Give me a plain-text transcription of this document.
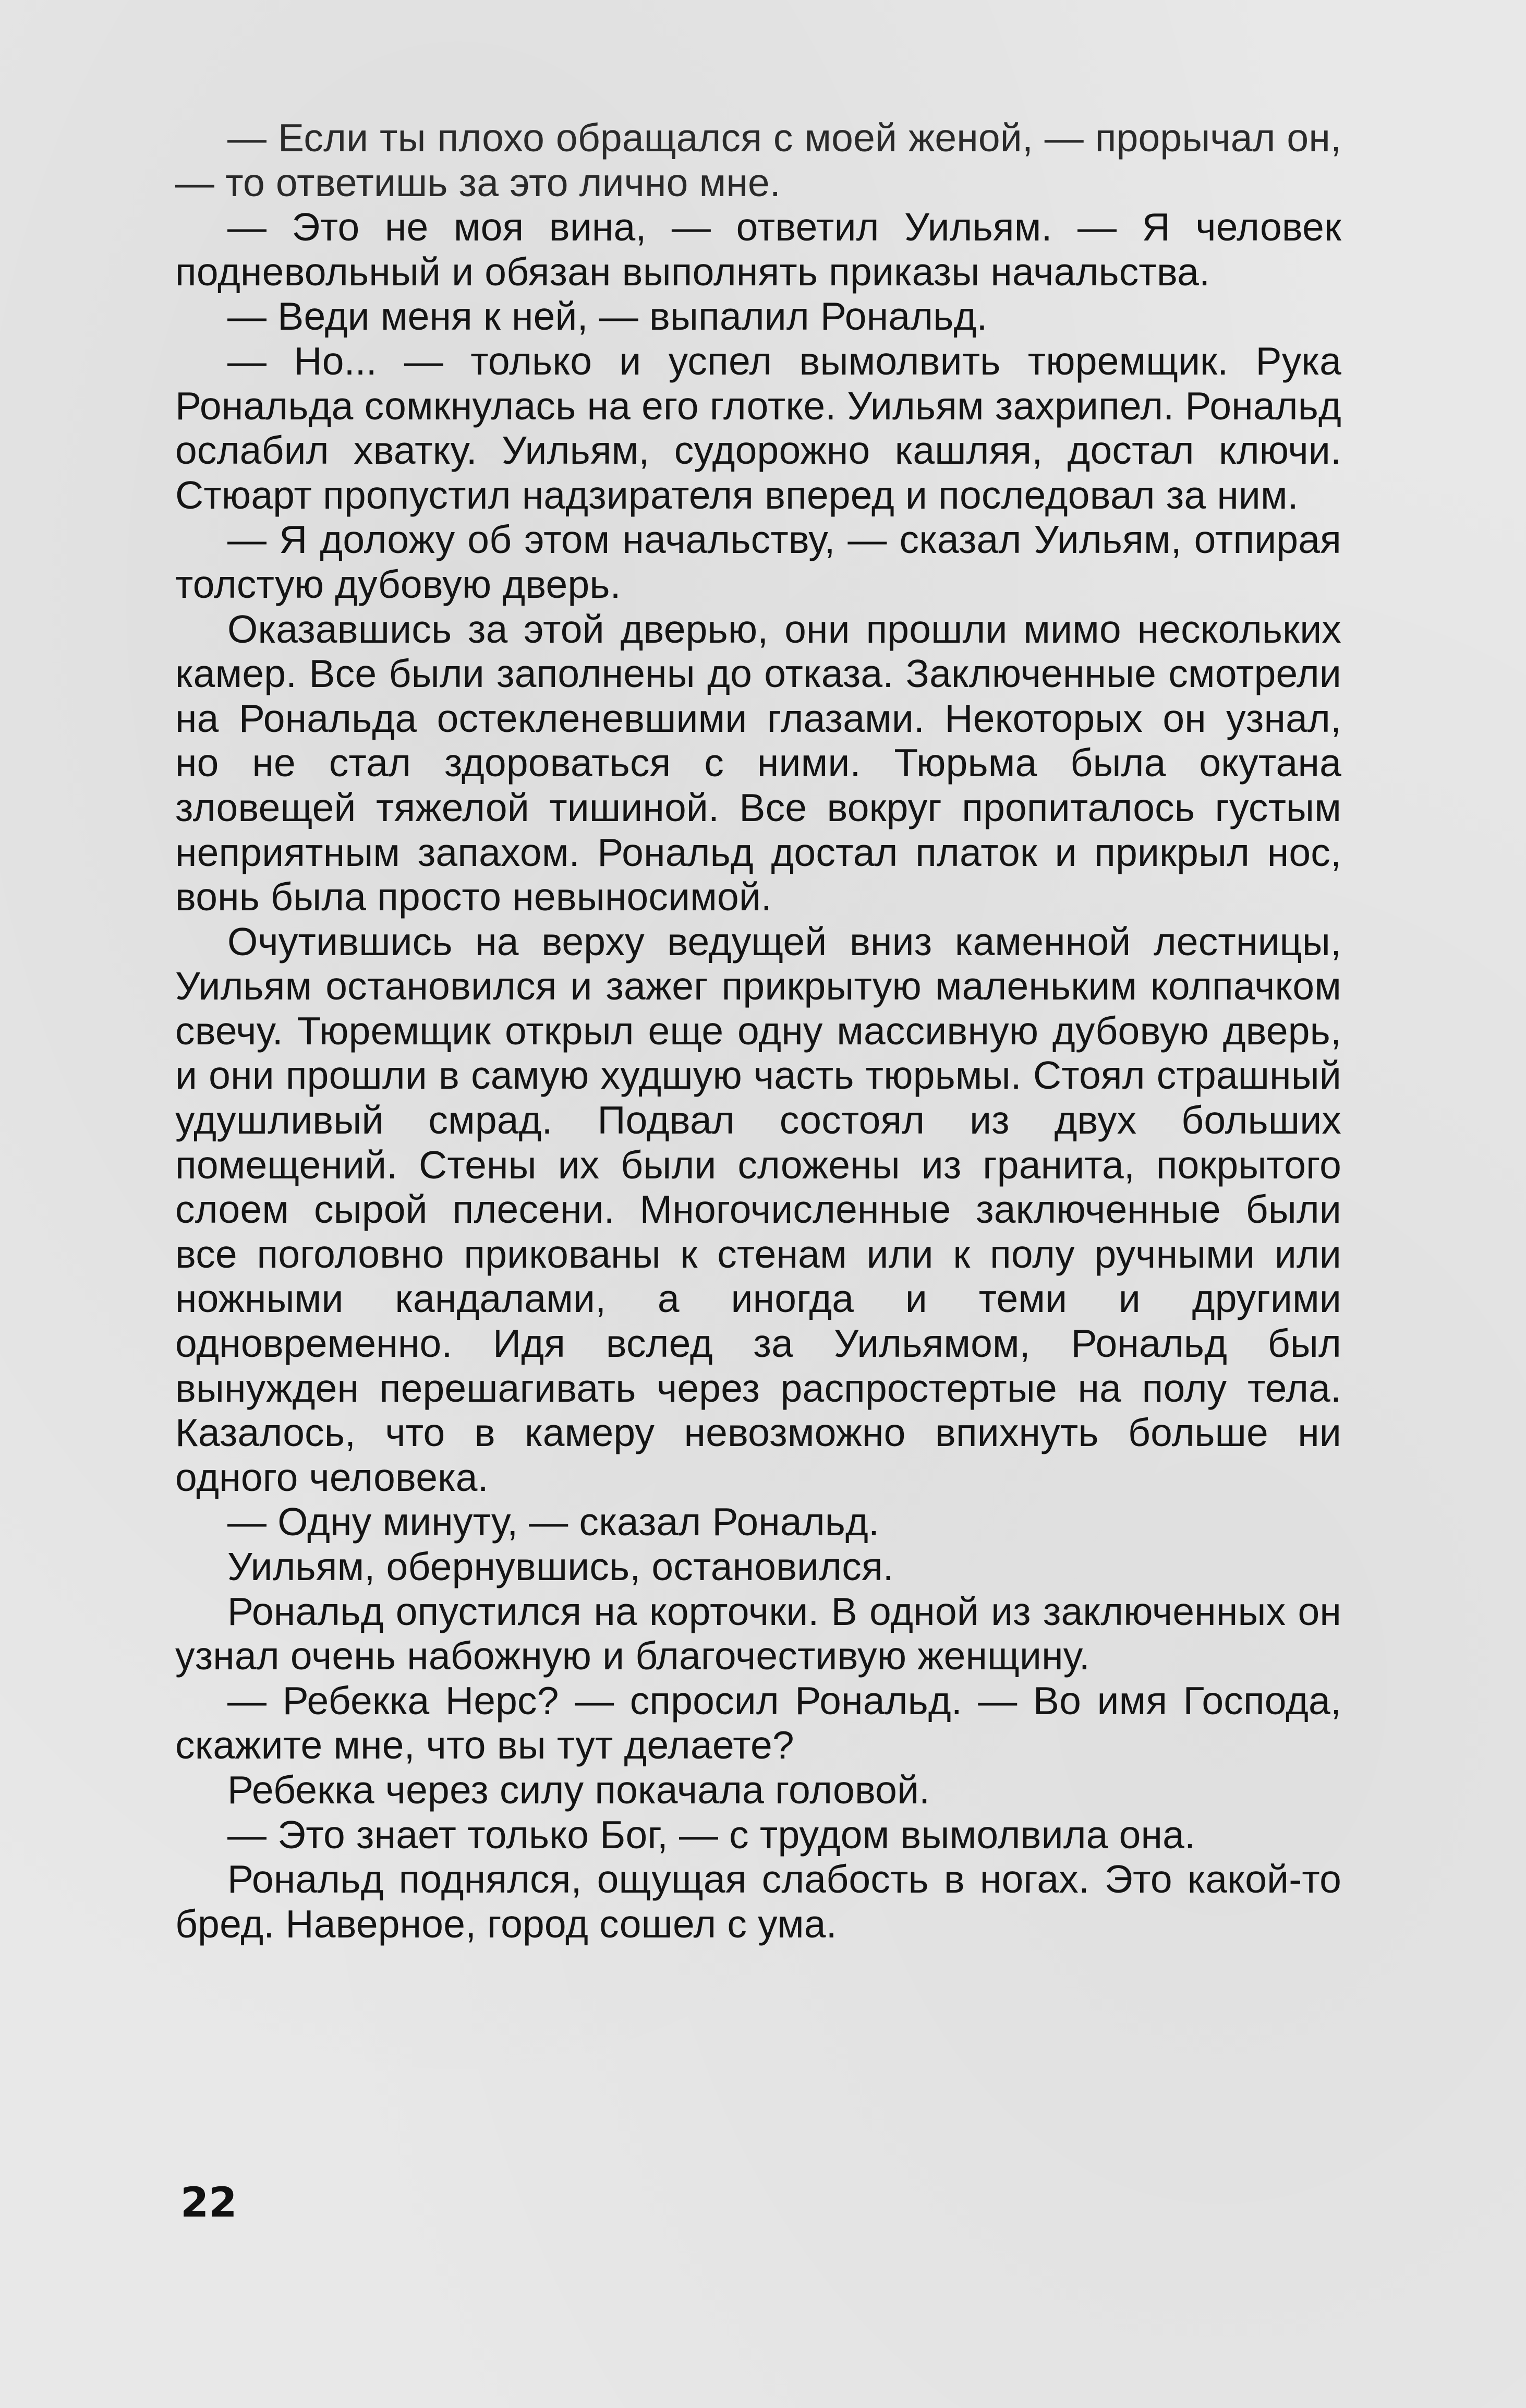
— Если ты плохо обращался с моей женой, — прорычал он, — то ответишь за это лично мне.

— Это не моя вина, — ответил Уильям. — Я человек подневольный и обязан выполнять приказы начальства.

— Веди меня к ней, — выпалил Рональд.

— Но... — только и успел вымолвить тюремщик. Рука Рональда сомкнулась на его глотке. Уильям захрипел. Рональд ослабил хватку. Уильям, судорожно кашляя, достал ключи. Стюарт пропустил надзирателя вперед и последовал за ним.

— Я доложу об этом начальству, — сказал Уильям, отпирая толстую дубовую дверь.

Оказавшись за этой дверью, они прошли мимо нескольких камер. Все были заполнены до отказа. Заключенные смотрели на Рональда остекленевшими глазами. Некоторых он узнал, но не стал здороваться с ними. Тюрьма была окутана зловещей тяжелой тишиной. Все вокруг пропиталось густым неприятным запахом. Рональд достал платок и прикрыл нос, вонь была просто невыносимой.

Очутившись на верху ведущей вниз каменной лестницы, Уильям остановился и зажег прикрытую маленьким колпачком свечу. Тюремщик открыл еще одну массивную дубовую дверь, и они прошли в самую худшую часть тюрьмы. Стоял страшный удушливый смрад. Подвал состоял из двух больших помещений. Стены их были сложены из гранита, покрытого слоем сырой плесени. Многочисленные заключенные были все поголовно прикованы к стенам или к полу ручными или ножными кандалами, а иногда и теми и другими одновременно. Идя вслед за Уильямом, Рональд был вынужден перешагивать через распростертые на полу тела. Казалось, что в камеру невозможно впихнуть больше ни одного человека.

— Одну минуту, — сказал Рональд.

Уильям, обернувшись, остановился.

Рональд опустился на корточки. В одной из заключенных он узнал очень набожную и благочестивую женщину.

— Ребекка Нерс? — спросил Рональд. — Во имя Господа, скажите мне, что вы тут делаете?

Ребекка через силу покачала головой.

— Это знает только Бог, — с трудом вымолвила она.

Рональд поднялся, ощущая слабость в ногах. Это какой-то бред. Наверное, город сошел с ума.

22
